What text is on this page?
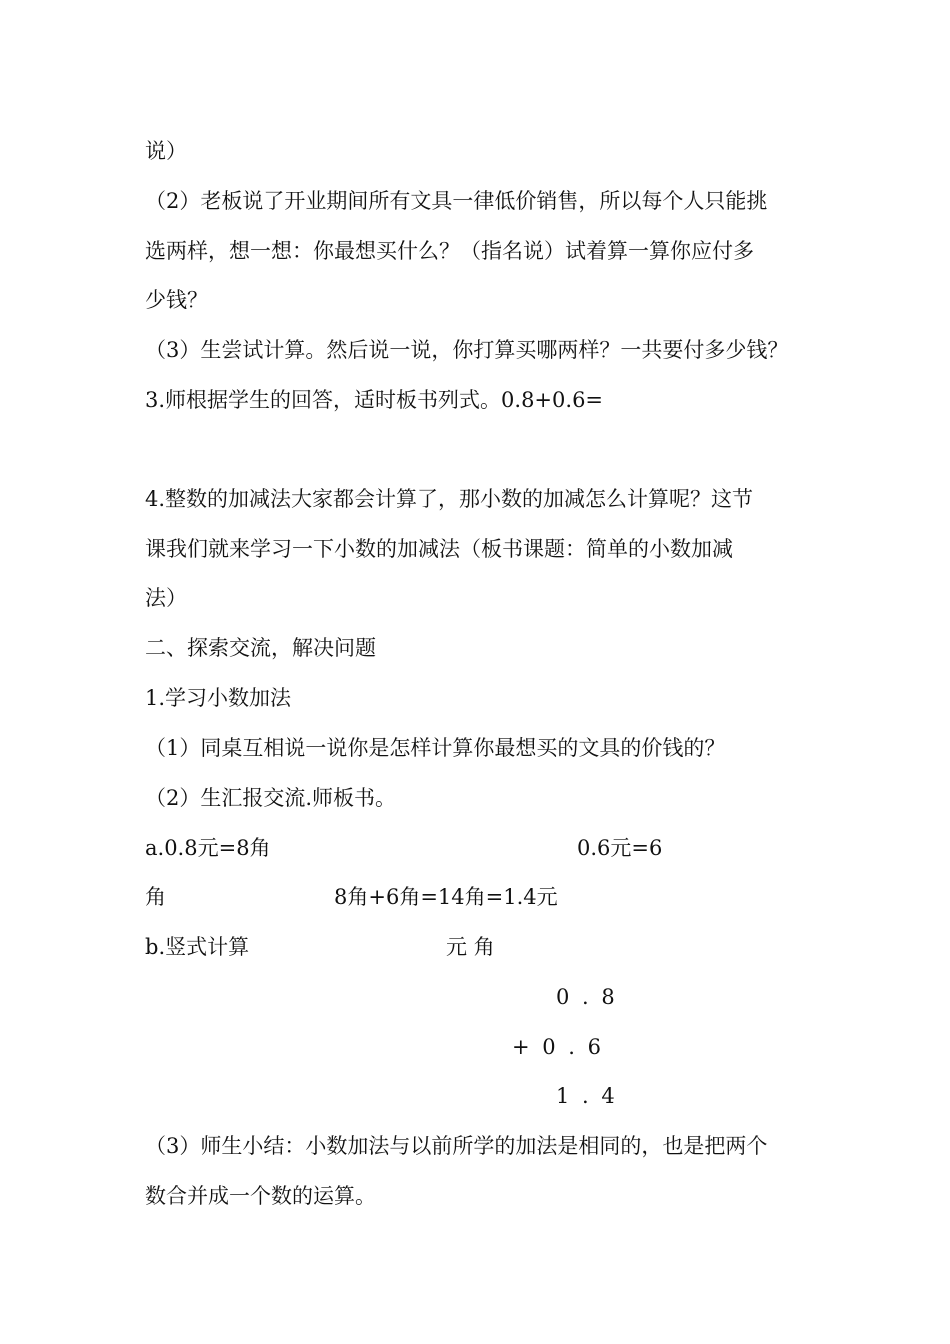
说）
（2）老板说了开业期间所有文具一律低价销售，所以每个人只能挑
选两样，想一想：你最想买什么？（指名说）试着算一算你应付多
少钱？
（3）生尝试计算。然后说一说，你打算买哪两样？一共要付多少钱？
3.师根据学生的回答，适时板书列式。0.8+0.6=
4.整数的加减法大家都会计算了，那小数的加减怎么计算呢？这节
课我们就来学习一下小数的加减法（板书课题：简单的小数加减
法）
二、探索交流，解决问题
1.学习小数加法
（1）同桌互相说一说你是怎样计算你最想买的文具的价钱的？
（2）生汇报交流.师板书。
a.0.8元=8角	0.6元=6
角	8角+6角=14角=1.4元
b.竖式计算	元 角
0 . 8
+ 0 . 6
1 . 4
（3）师生小结：小数加法与以前所学的加法是相同的，也是把两个
数合并成一个数的运算。
